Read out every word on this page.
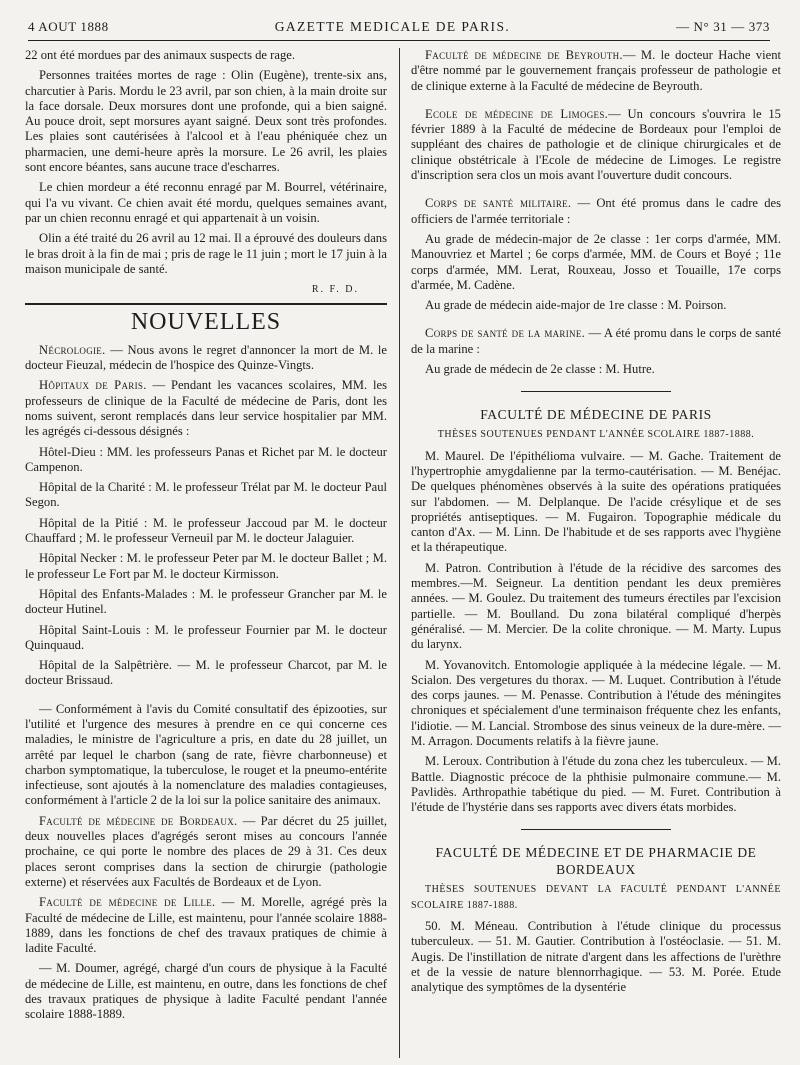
4 AOUT 1888	GAZETTE MEDICALE DE PARIS.	— N° 31 — 373

22 ont été mordues par des animaux suspects de rage.

Personnes traitées mortes de rage : Olin (Eugène), trente-six ans, charcutier à Paris. Mordu le 23 avril, par son chien, à la main droite sur la face dorsale. Deux morsures dont une profonde, qui a bien saigné. Au pouce droit, sept morsures ayant saigné. Deux sont très profondes. Les plaies sont cautérisées à l'alcool et à l'eau phéniquée chez un pharmacien, une demi-heure après la morsure. Le 26 avril, les plaies sont encore béantes, sans aucune trace d'escharres.

Le chien mordeur a été reconnu enragé par M. Bourrel, vétérinaire, qui l'a vu vivant. Ce chien avait été mordu, quelques semaines avant, par un chien reconnu enragé et qui appartenait à un voisin.

Olin a été traité du 26 avril au 12 mai. Il a éprouvé des douleurs dans le bras droit à la fin de mai ; pris de rage le 11 juin ; mort le 17 juin à la maison municipale de santé.

R. F. D.
NOUVELLES

Nécrologie. — Nous avons le regret d'annoncer la mort de M. le docteur Fieuzal, médecin de l'hospice des Quinze-Vingts.

Hôpitaux de Paris. — Pendant les vacances scolaires, MM. les professeurs de clinique de la Faculté de médecine de Paris, dont les noms suivent, seront remplacés dans leur service hospitalier par MM. les agrégés ci-dessous désignés :

Hôtel-Dieu : MM. les professeurs Panas et Richet par M. le docteur Campenon.

Hôpital de la Charité : M. le professeur Trélat par M. le docteur Paul Segon.

Hôpital de la Pitié : M. le professeur Jaccoud par M. le docteur Chauffard ; M. le professeur Verneuil par M. le docteur Jalaguier.

Hôpital Necker : M. le professeur Peter par M. le docteur Ballet ; M. le professeur Le Fort par M. le docteur Kirmisson.

Hôpital des Enfants-Malades : M. le professeur Grancher par M. le docteur Hutinel.

Hôpital Saint-Louis : M. le professeur Fournier par M. le docteur Quinquaud.

Hôpital de la Salpêtrière. — M. le professeur Charcot, par M. le docteur Brissaud.

— Conformément à l'avis du Comité consultatif des épizooties, sur l'utilité et l'urgence des mesures à prendre en ce qui concerne ces maladies, le ministre de l'agriculture a pris, en date du 28 juillet, un arrêté par lequel le charbon (sang de rate, fièvre charbonneuse) et charbon symptomatique, la tuberculose, le rouget et la pneumo-entérite infectieuse, sont ajoutés à la nomenclature des maladies contagieuses, conformément à l'article 2 de la loi sur la police sanitaire des animaux.

Faculté de médecine de Bordeaux. — Par décret du 25 juillet, deux nouvelles places d'agrégés seront mises au concours l'année prochaine, ce qui porte le nombre des places de 29 à 31. Ces deux places seront comprises dans la section de chirurgie (pathologie externe) et réservées aux Facultés de Bordeaux et de Lyon.

Faculté de médecine de Lille. — M. Morelle, agrégé près la Faculté de médecine de Lille, est maintenu, pour l'année scolaire 1888-1889, dans les fonctions de chef des travaux pratiques de chimie à ladite Faculté.

— M. Doumer, agrégé, chargé d'un cours de physique à la Faculté de médecine de Lille, est maintenu, en outre, dans les fonctions de chef des travaux pratiques de physique à ladite Faculté pendant l'année scolaire 1888-1889.

Faculté de médecine de Beyrouth.— M. le docteur Hache vient d'être nommé par le gouvernement français professeur de pathologie et de clinique externe à la Faculté de médecine de Beyrouth.

Ecole de médecine de Limoges.— Un concours s'ouvrira le 15 février 1889 à la Faculté de médecine de Bordeaux pour l'emploi de suppléant des chaires de pathologie et de clinique chirurgicales et de clinique obstétricale à l'Ecole de médecine de Limoges. Le registre d'inscription sera clos un mois avant l'ouverture dudit concours.

Corps de santé militaire. — Ont été promus dans le cadre des officiers de l'armée territoriale :

Au grade de médecin-major de 2e classe : 1er corps d'armée, MM. Manouvriez et Martel ; 6e corps d'armée, MM. de Cours et Boyé ; 11e corps d'armée, MM. Lerat, Rouxeau, Josso et Touaille, 17e corps d'armée, M. Cadène.

Au grade de médecin aide-major de 1re classe : M. Poirson.

Corps de santé de la marine. — A été promu dans le corps de santé de la marine :

Au grade de médecin de 2e classe : M. Hutre.

FACULTÉ DE MÉDECINE DE PARIS
THÈSES SOUTENUES PENDANT L'ANNÉE SCOLAIRE 1887-1888.

M. Maurel. De l'épithélioma vulvaire. — M. Gache. Traitement de l'hypertrophie amygdalienne par la termo-cautérisation. — M. Benéjac. De quelques phénomènes observés à la suite des opérations pratiquées sur l'abdomen. — M. Delplanque. De l'acide crésylique et de ses propriétés antiseptiques. — M. Fugairon. Topographie médicale du canton d'Ax. — M. Linn. De l'habitude et de ses rapports avec l'hygiène et la thérapeutique.

M. Patron. Contribution à l'étude de la récidive des sarcomes des membres.—M. Seigneur. La dentition pendant les deux premières années. — M. Goulez. Du traitement des tumeurs érectiles par l'excision partielle. — M. Boulland. Du zona bilatéral compliqué d'herpès généralisé. — M. Mercier. De la colite chronique. — M. Marty. Lupus du larynx.

M. Yovanovitch. Entomologie appliquée à la médecine légale. — M. Scialon. Des vergetures du thorax. — M. Luquet. Contribution à l'étude des corps jaunes. — M. Penasse. Contribution à l'étude des méningites chroniques et spécialement d'une terminaison fréquente chez les enfants, l'idiotie. — M. Lancial. Strombose des sinus veineux de la dure-mère. — M. Arragon. Documents relatifs à la fièvre jaune.

M. Leroux. Contribution à l'étude du zona chez les tuberculeux. — M. Battle. Diagnostic précoce de la phthisie pulmonaire commune.— M. Pavlidès. Arthropathie tabétique du pied. — M. Furet. Contribution à l'étude de l'hystérie dans ses rapports avec divers états morbides.

FACULTÉ DE MÉDECINE ET DE PHARMACIE DE BORDEAUX
THÈSES SOUTENUES DEVANT LA FACULTÉ PENDANT L'ANNÉE SCOLAIRE 1887-1888.

50. M. Méneau. Contribution à l'étude clinique du processus tuberculeux. — 51. M. Gautier. Contribution à l'ostéoclasie. — 51. M. Augis. De l'instillation de nitrate d'argent dans les affections de l'urèthre et de la vessie de nature blennorrhagique. — 53. M. Porée. Etude analytique des symptômes de la dysentérie
